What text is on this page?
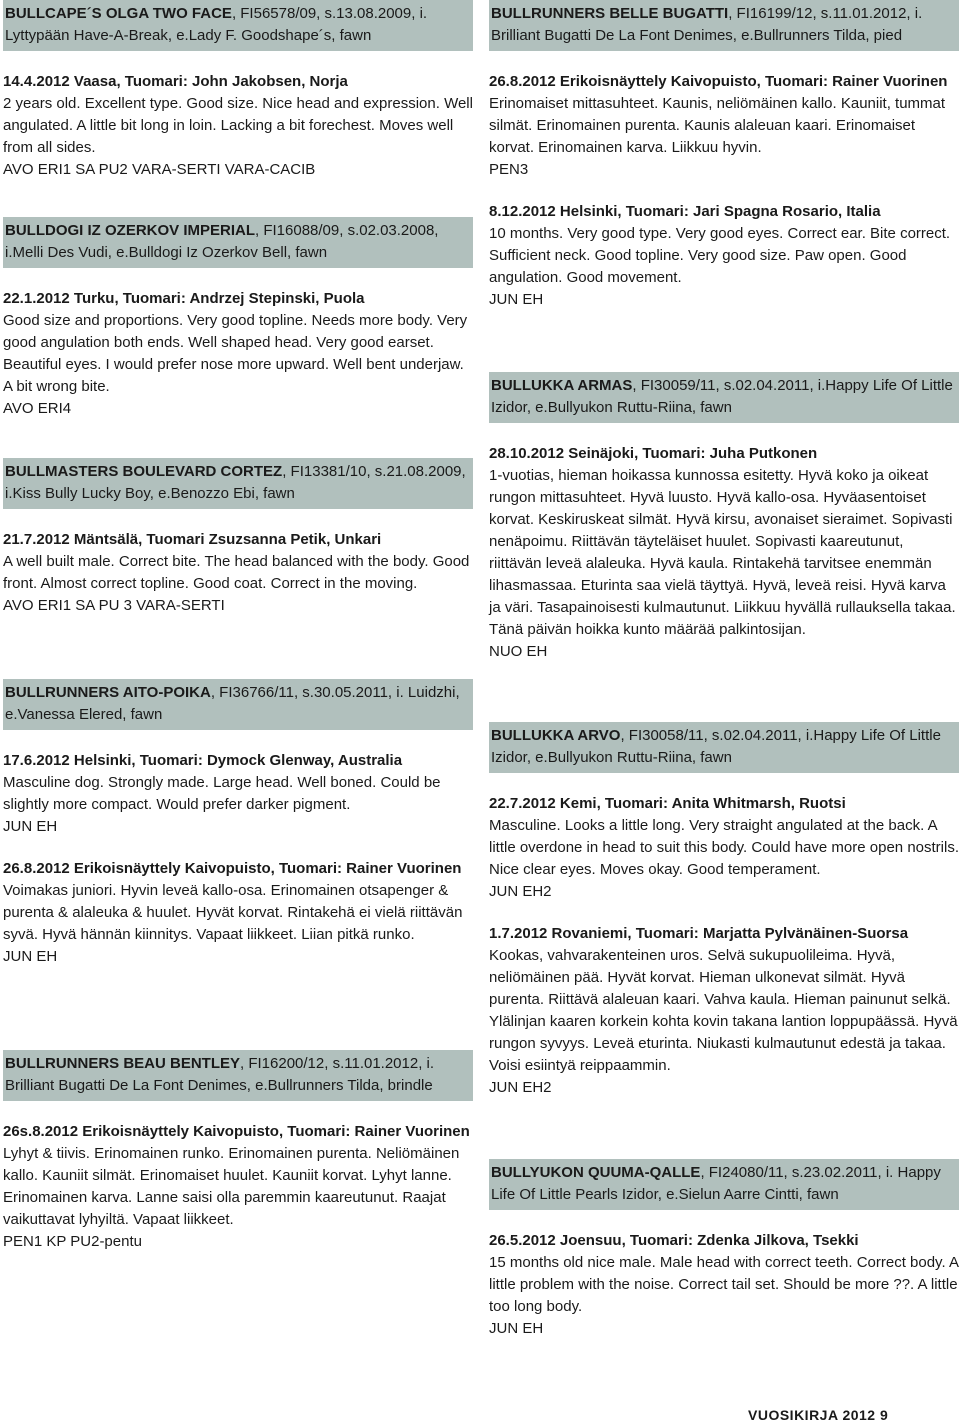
BULLCAPE´S OLGA TWO FACE, FI56578/09, s.13.08.2009, i. Lyttypään Have-A-Break, e.Lady F. Goodshape´s, fawn
14.4.2012 Vaasa, Tuomari: John Jakobsen, Norja
2 years old. Excellent type. Good size. Nice head and expression. Well angulated. A little bit long in loin. Lacking a bit forechest. Moves well from all sides.
AVO ERI1 SA PU2 VARA-SERTI VARA-CACIB
BULLDOGI IZ OZERKOV IMPERIAL, FI16088/09, s.02.03.2008, i.Melli Des Vudi, e.Bulldogi Iz Ozerkov Bell, fawn
22.1.2012 Turku, Tuomari: Andrzej Stepinski, Puola
Good size and proportions. Very good topline. Needs more body. Very good angulation both ends. Well shaped head. Very good earset. Beautiful eyes. I would prefer nose more upward. Well bent underjaw. A bit wrong bite.
AVO ERI4
BULLMASTERS BOULEVARD CORTEZ, FI13381/10, s.21.08.2009, i.Kiss Bully Lucky Boy, e.Benozzo Ebi, fawn
21.7.2012 Mäntsälä, Tuomari Zsuzsanna Petik, Unkari
A well built male. Correct bite. The head balanced with the body. Good front. Almost correct topline. Good coat. Correct in the moving.
AVO ERI1 SA PU 3 VARA-SERTI
BULLRUNNERS AITO-POIKA, FI36766/11, s.30.05.2011, i. Luidzhi, e.Vanessa Elered, fawn
17.6.2012 Helsinki, Tuomari: Dymock Glenway, Australia
Masculine dog. Strongly made. Large head. Well boned. Could be slightly more compact. Would prefer darker pigment.
JUN EH
26.8.2012 Erikoisnäyttely Kaivopuisto, Tuomari: Rainer Vuorinen
Voimakas juniori. Hyvin leveä kallo-osa. Erinomainen otsapenger & purenta & alaleuka & huulet. Hyvät korvat. Rintakehä ei vielä riittävän syvä. Hyvä hännän kiinnitys. Vapaat liikkeet. Liian pitkä runko.
JUN EH
BULLRUNNERS BEAU BENTLEY, FI16200/12, s.11.01.2012, i. Brilliant Bugatti De La Font Denimes, e.Bullrunners Tilda, brindle
26s.8.2012 Erikoisnäyttely Kaivopuisto, Tuomari: Rainer Vuorinen
Lyhyt & tiivis. Erinomainen runko. Erinomainen purenta. Neliömäinen kallo. Kauniit silmät. Erinomaiset huulet. Kauniit korvat. Lyhyt lanne. Erinomainen karva. Lanne saisi olla paremmin kaareutunut. Raajat vaikuttavat lyhyiltä. Vapaat liikkeet.
PEN1 KP PU2-pentu
BULLRUNNERS BELLE BUGATTI, FI16199/12, s.11.01.2012, i. Brilliant Bugatti De La Font Denimes, e.Bullrunners Tilda, pied
26.8.2012 Erikoisnäyttely Kaivopuisto, Tuomari: Rainer Vuorinen
Erinomaiset mittasuhteet. Kaunis, neliömäinen kallo. Kauniit, tummat silmät. Erinomainen purenta. Kaunis alaleuan kaari. Erinomaiset korvat. Erinomainen karva. Liikkuu hyvin.
PEN3
8.12.2012 Helsinki, Tuomari: Jari Spagna Rosario, Italia
10 months. Very good type. Very good eyes. Correct ear. Bite correct. Sufficient neck. Good topline. Very good size. Paw open. Good angulation. Good movement.
JUN EH
BULLUKKA ARMAS, FI30059/11, s.02.04.2011, i.Happy Life Of Little Izidor, e.Bullyukon Ruttu-Riina, fawn
28.10.2012 Seinäjoki, Tuomari: Juha Putkonen
1-vuotias, hieman hoikassa kunnossa esitetty. Hyvä koko ja oikeat rungon mittasuhteet. Hyvä luusto. Hyvä kallo-osa. Hyväasentoiset korvat. Keskiruskeat silmät. Hyvä kirsu, avonaiset sieraimet. Sopivasti nenäpoimu. Riittävän täyteläiset huulet. Sopivasti kaareutunut, riittävän leveä alaleuka. Hyvä kaula. Rintakehä tarvitsee enemmän lihasmassaa. Eturinta saa vielä täyttyä. Hyvä, leveä reisi. Hyvä karva ja väri. Tasapainoisesti kulmautunut. Liikkuu hyvällä rullauksella takaa. Tänä päivän hoikka kunto määrää palkintosijan.
NUO EH
BULLUKKA ARVO, FI30058/11, s.02.04.2011, i.Happy Life Of Little Izidor, e.Bullyukon Ruttu-Riina, fawn
22.7.2012 Kemi, Tuomari: Anita Whitmarsh, Ruotsi
Masculine. Looks a little long. Very straight angulated at the back. A little overdone in head to suit this body. Could have more open nostrils. Nice clear eyes. Moves okay. Good temperament.
JUN EH2
1.7.2012 Rovaniemi, Tuomari: Marjatta Pylvänäinen-Suorsa
Kookas, vahvarakenteinen uros. Selvä sukupuolileima. Hyvä, neliömäinen pää. Hyvät korvat. Hieman ulkonevat silmät. Hyvä purenta. Riittävä alaleuan kaari. Vahva kaula. Hieman painunut selkä. Ylälinjan kaaren korkein kohta kovin takana lantion loppupäässä. Hyvä rungon syvyys. Leveä eturinta. Niukasti kulmautunut edestä ja takaa. Voisi esiintyä reippaammin.
JUN EH2
BULLYUKON QUUMA-QALLE, FI24080/11, s.23.02.2011, i. Happy Life Of Little Pearls Izidor, e.Sielun Aarre Cintti, fawn
26.5.2012 Joensuu, Tuomari: Zdenka Jilkova, Tsekki
15 months old nice male. Male head with correct teeth. Correct body. A little problem with the noise. Correct tail set. Should be more ??. A little too long body.
JUN EH
VUOSIKIRJA 2012 9
